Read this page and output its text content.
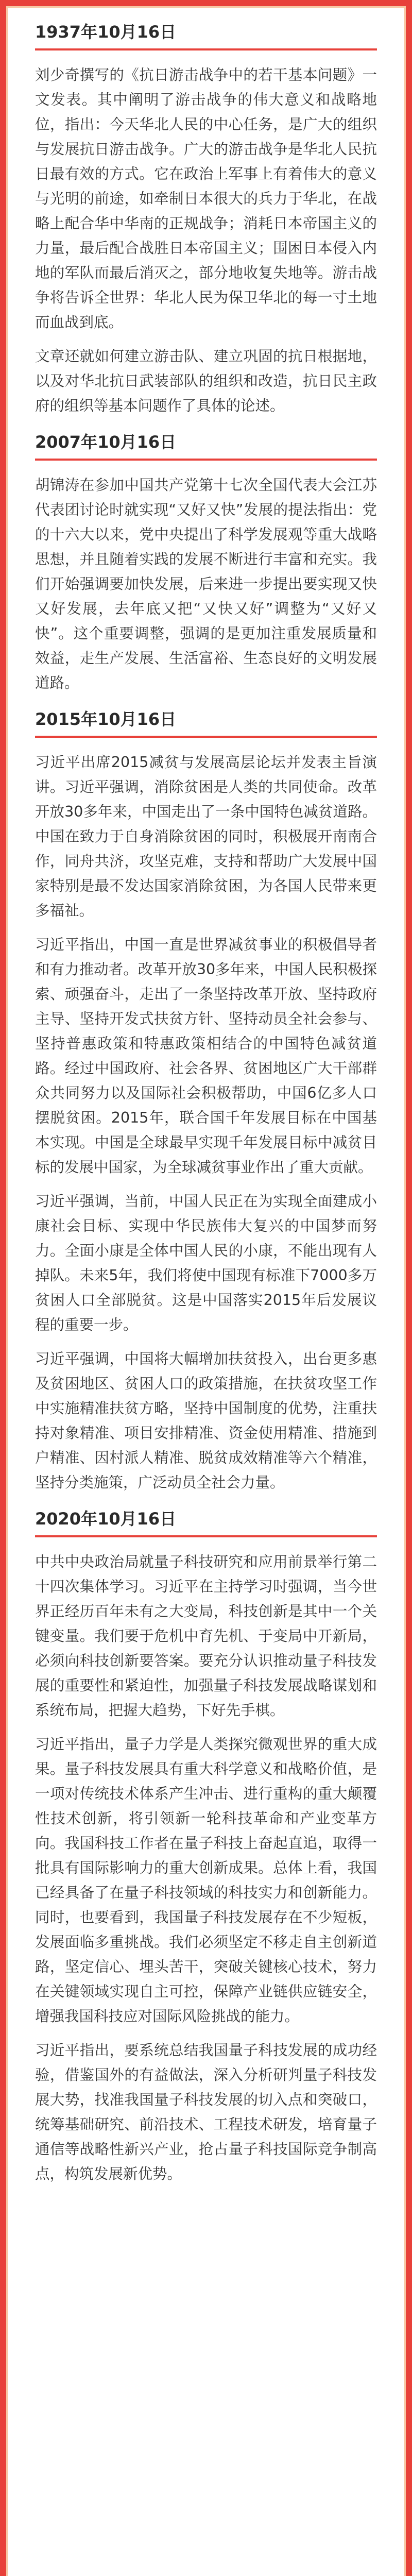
1937年10月16日

刘少奇撰写的《抗日游击战争中的若干基本问题》一文发表。其中阐明了游击战争的伟大意义和战略地位，指出：今天华北人民的中心任务，是广大的组织与发展抗日游击战争。广大的游击战争是华北人民抗日最有效的方式。它在政治上军事上有着伟大的意义与光明的前途，如牵制日本很大的兵力于华北，在战略上配合华中华南的正规战争；消耗日本帝国主义的力量，最后配合战胜日本帝国主义；围困日本侵入内地的军队而最后消灭之，部分地收复失地等。游击战争将告诉全世界：华北人民为保卫华北的每一寸土地而血战到底。

文章还就如何建立游击队、建立巩固的抗日根据地，以及对华北抗日武装部队的组织和改造，抗日民主政府的组织等基本问题作了具体的论述。

2007年10月16日

胡锦涛在参加中国共产党第十七次全国代表大会江苏代表团讨论时就实现“又好又快”发展的提法指出：党的十六大以来，党中央提出了科学发展观等重大战略思想，并且随着实践的发展不断进行丰富和充实。我们开始强调要加快发展，后来进一步提出要实现又快又好发展，去年底又把“又快又好”调整为“又好又快”。这个重要调整，强调的是更加注重发展质量和效益，走生产发展、生活富裕、生态良好的文明发展道路。

2015年10月16日

习近平出席2015减贫与发展高层论坛并发表主旨演讲。习近平强调，消除贫困是人类的共同使命。改革开放30多年来，中国走出了一条中国特色减贫道路。中国在致力于自身消除贫困的同时，积极展开南南合作，同舟共济，攻坚克难，支持和帮助广大发展中国家特别是最不发达国家消除贫困，为各国人民带来更多福祉。

习近平指出，中国一直是世界减贫事业的积极倡导者和有力推动者。改革开放30多年来，中国人民积极探索、顽强奋斗，走出了一条坚持改革开放、坚持政府主导、坚持开发式扶贫方针、坚持动员全社会参与、坚持普惠政策和特惠政策相结合的中国特色减贫道路。经过中国政府、社会各界、贫困地区广大干部群众共同努力以及国际社会积极帮助，中国6亿多人口摆脱贫困。2015年，联合国千年发展目标在中国基本实现。中国是全球最早实现千年发展目标中减贫目标的发展中国家，为全球减贫事业作出了重大贡献。

习近平强调，当前，中国人民正在为实现全面建成小康社会目标、实现中华民族伟大复兴的中国梦而努力。全面小康是全体中国人民的小康，不能出现有人掉队。未来5年，我们将使中国现有标准下7000多万贫困人口全部脱贫。这是中国落实2015年后发展议程的重要一步。

习近平强调，中国将大幅增加扶贫投入，出台更多惠及贫困地区、贫困人口的政策措施，在扶贫攻坚工作中实施精准扶贫方略，坚持中国制度的优势，注重扶持对象精准、项目安排精准、资金使用精准、措施到户精准、因村派人精准、脱贫成效精准等六个精准，坚持分类施策，广泛动员全社会力量。

2020年10月16日

中共中央政治局就量子科技研究和应用前景举行第二十四次集体学习。习近平在主持学习时强调，当今世界正经历百年未有之大变局，科技创新是其中一个关键变量。我们要于危机中育先机、于变局中开新局，必须向科技创新要答案。要充分认识推动量子科技发展的重要性和紧迫性，加强量子科技发展战略谋划和系统布局，把握大趋势，下好先手棋。

习近平指出，量子力学是人类探究微观世界的重大成果。量子科技发展具有重大科学意义和战略价值，是一项对传统技术体系产生冲击、进行重构的重大颠覆性技术创新，将引领新一轮科技革命和产业变革方向。我国科技工作者在量子科技上奋起直追，取得一批具有国际影响力的重大创新成果。总体上看，我国已经具备了在量子科技领域的科技实力和创新能力。同时，也要看到，我国量子科技发展存在不少短板，发展面临多重挑战。我们必须坚定不移走自主创新道路，坚定信心、埋头苦干，突破关键核心技术，努力在关键领域实现自主可控，保障产业链供应链安全，增强我国科技应对国际风险挑战的能力。

习近平指出，要系统总结我国量子科技发展的成功经验，借鉴国外的有益做法，深入分析研判量子科技发展大势，找准我国量子科技发展的切入点和突破口，统筹基础研究、前沿技术、工程技术研发，培育量子通信等战略性新兴产业，抢占量子科技国际竞争制高点，构筑发展新优势。
